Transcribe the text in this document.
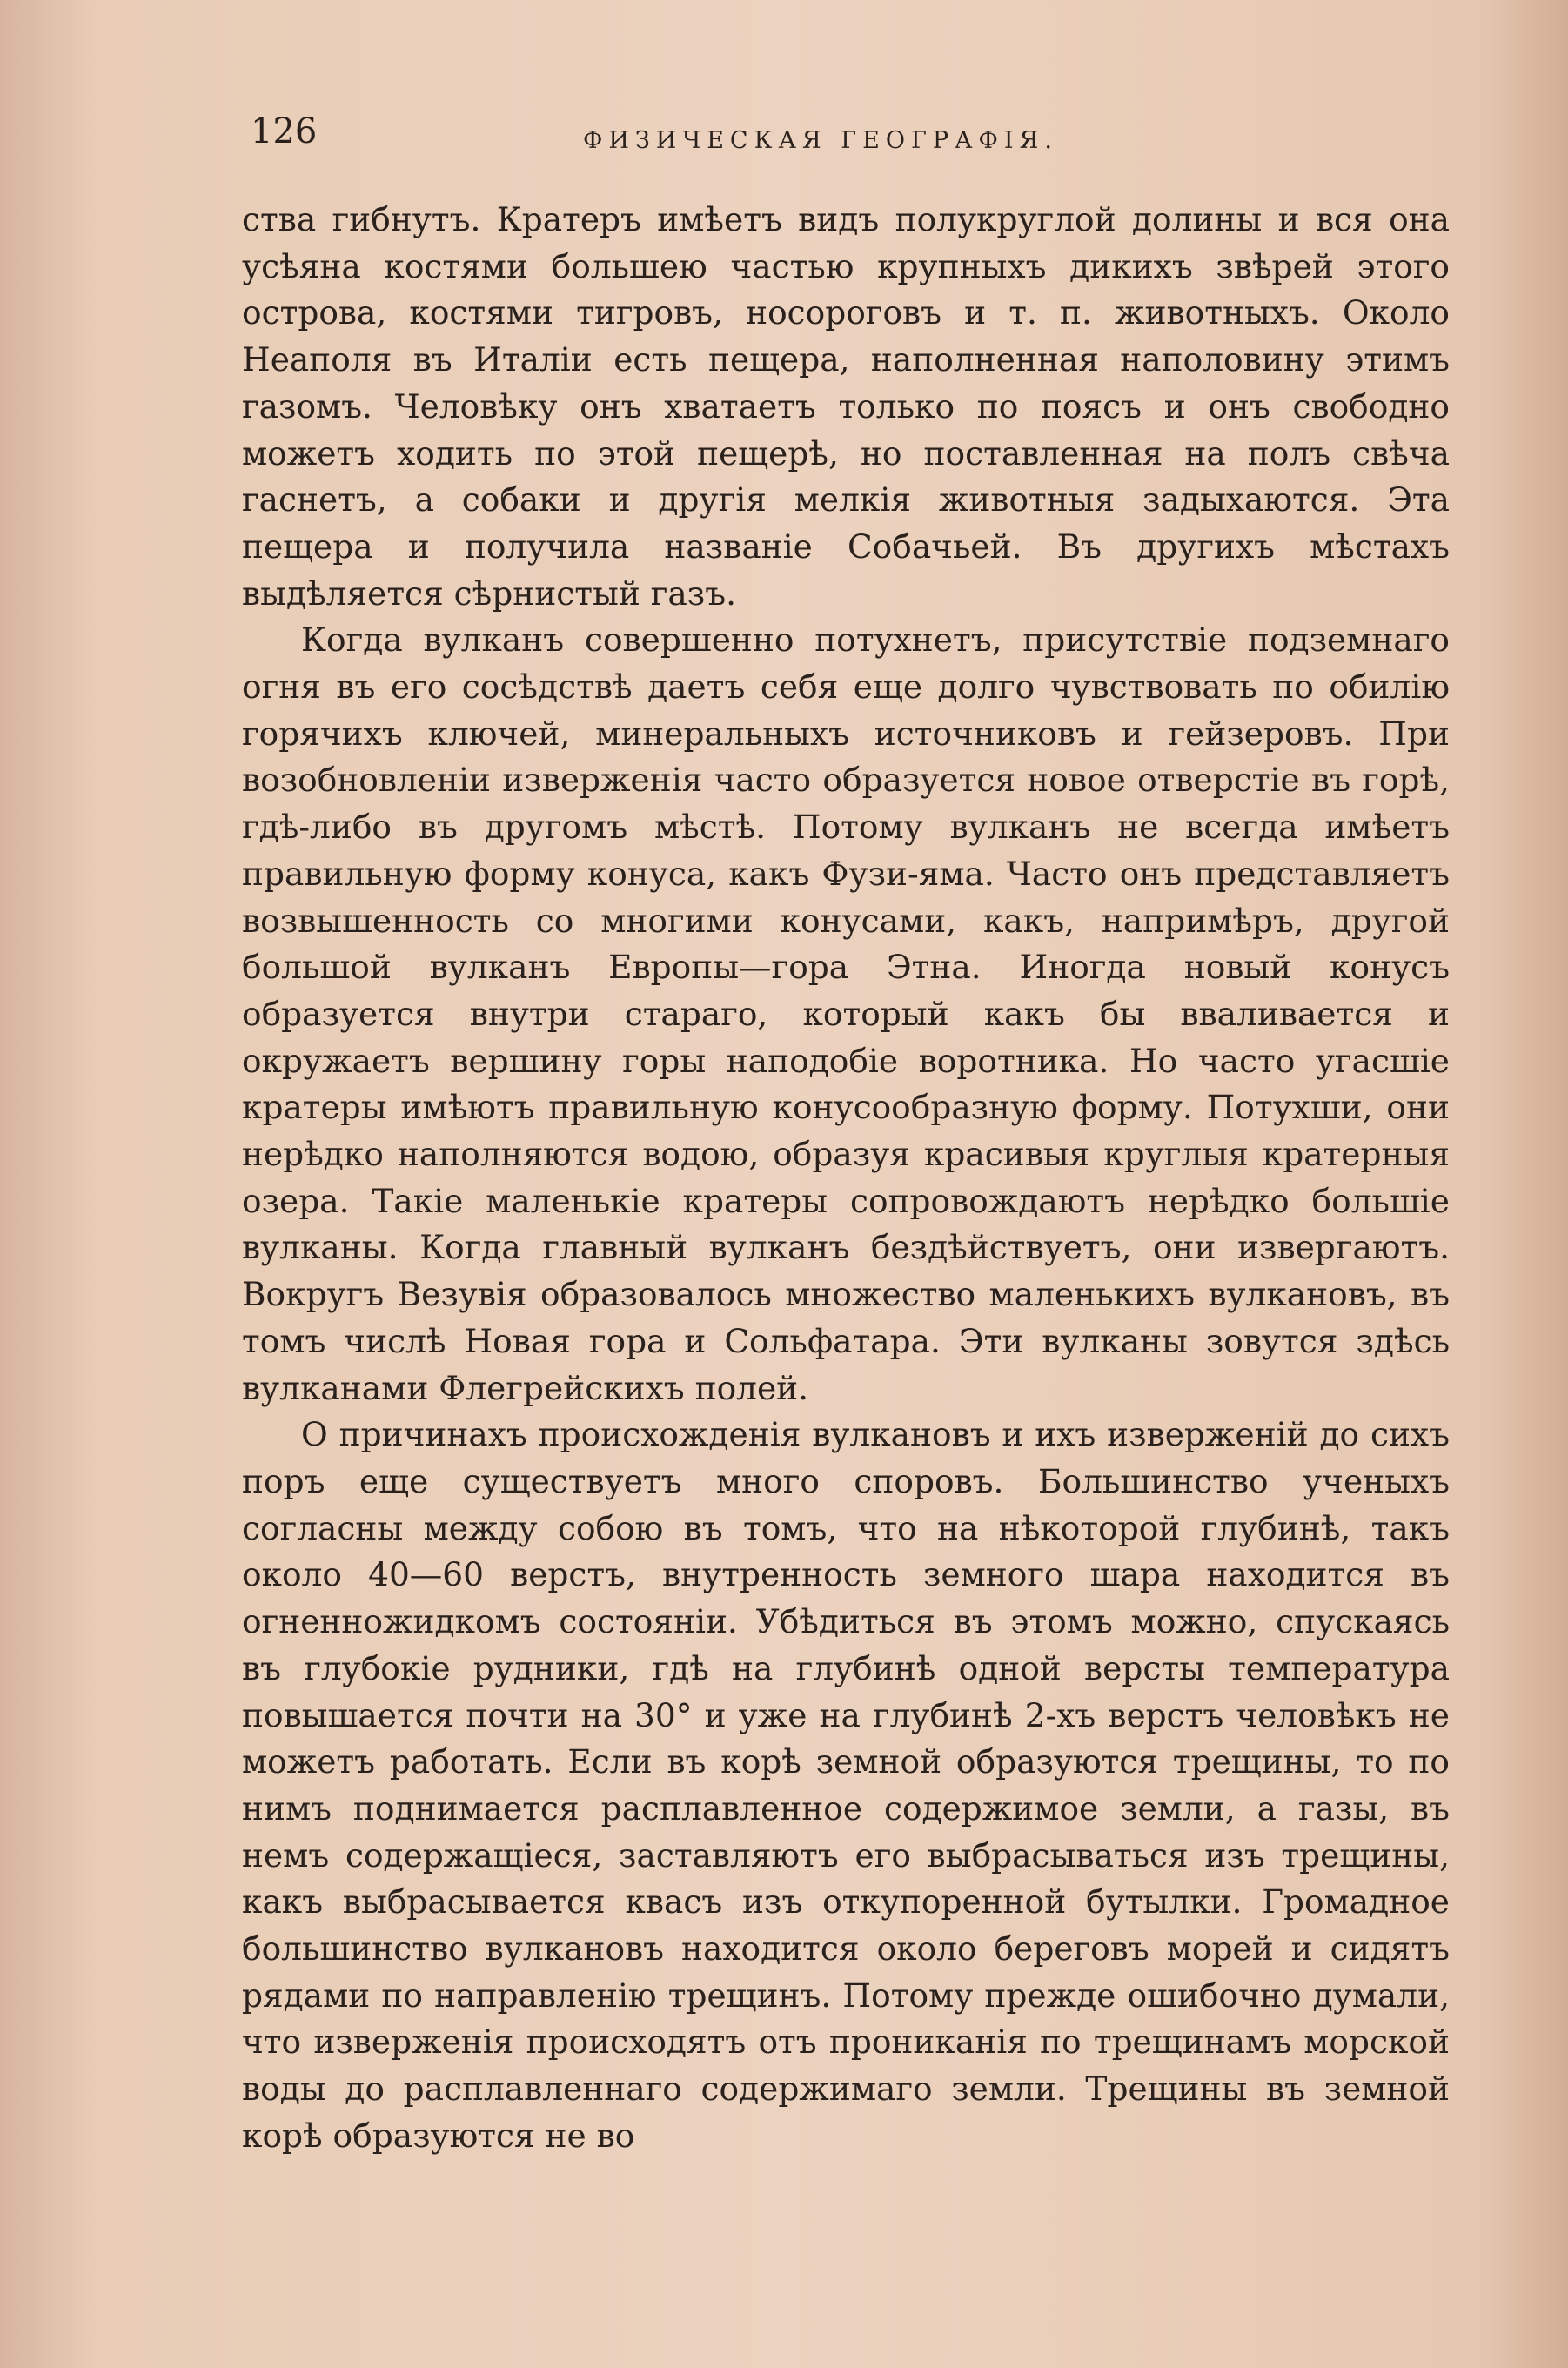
126	ФИЗИЧЕСКАЯ ГЕОГРАФІЯ.

ства гибнутъ. Кратеръ имѣетъ видъ полукруглой долины и вся она усѣяна костями большею частью крупныхъ дикихъ звѣрей этого острова, костями тигровъ, носороговъ и т. п. животныхъ. Около Неаполя въ Италіи есть пещера, наполненная наполовину этимъ газомъ. Человѣку онъ хватаетъ только по поясъ и онъ свободно можетъ ходить по этой пещерѣ, но поставленная на полъ свѣча гаснетъ, а собаки и другія мелкія животныя задыхаются. Эта пещера и получила названіе Собачьей. Въ другихъ мѣстахъ выдѣляется сѣрнистый газъ.

Когда вулканъ совершенно потухнетъ, присутствіе подземнаго огня въ его сосѣдствѣ даетъ себя еще долго чувствовать по обилію горячихъ ключей, минеральныхъ источниковъ и гейзеровъ. При возобновленіи изверженія часто образуется новое отверстіе въ горѣ, гдѣ-либо въ другомъ мѣстѣ. Потому вулканъ не всегда имѣетъ правильную форму конуса, какъ Фузи-яма. Часто онъ представляетъ возвышенность со многими конусами, какъ, напримѣръ, другой большой вулканъ Европы—гора Этна. Иногда новый конусъ образуется внутри стараго, который какъ бы вваливается и окружаетъ вершину горы наподобіе воротника. Но часто угасшіе кратеры имѣютъ правильную конусообразную форму. Потухши, они нерѣдко наполняются водою, образуя красивыя круглыя кратерныя озера. Такіе маленькіе кратеры сопровождаютъ нерѣдко большіе вулканы. Когда главный вулканъ бездѣйствуетъ, они извергаютъ. Вокругъ Везувія образовалось множество маленькихъ вулкановъ, въ томъ числѣ Новая гора и Сольфатара. Эти вулканы зовутся здѣсь вулканами Флегрейскихъ полей.

О причинахъ происхожденія вулкановъ и ихъ изверженій до сихъ поръ еще существуетъ много споровъ. Большинство ученыхъ согласны между собою въ томъ, что на нѣкоторой глубинѣ, такъ около 40—60 верстъ, внутренность земного шара находится въ огненножидкомъ состояніи. Убѣдиться въ этомъ можно, спускаясь въ глубокіе рудники, гдѣ на глубинѣ одной версты температура повышается почти на 30° и уже на глубинѣ 2-хъ верстъ человѣкъ не можетъ работать. Если въ корѣ земной образуются трещины, то по нимъ поднимается расплавленное содержимое земли, а газы, въ немъ содержащіеся, заставляютъ его выбрасываться изъ трещины, какъ выбрасывается квасъ изъ откупоренной бутылки. Громадное большинство вулкановъ находится около береговъ морей и сидятъ рядами по направленію трещинъ. Потому прежде ошибочно думали, что изверженія происходятъ отъ прониканія по трещинамъ морской воды до расплавленнаго содержимаго земли. Трещины въ земной корѣ образуются не во
